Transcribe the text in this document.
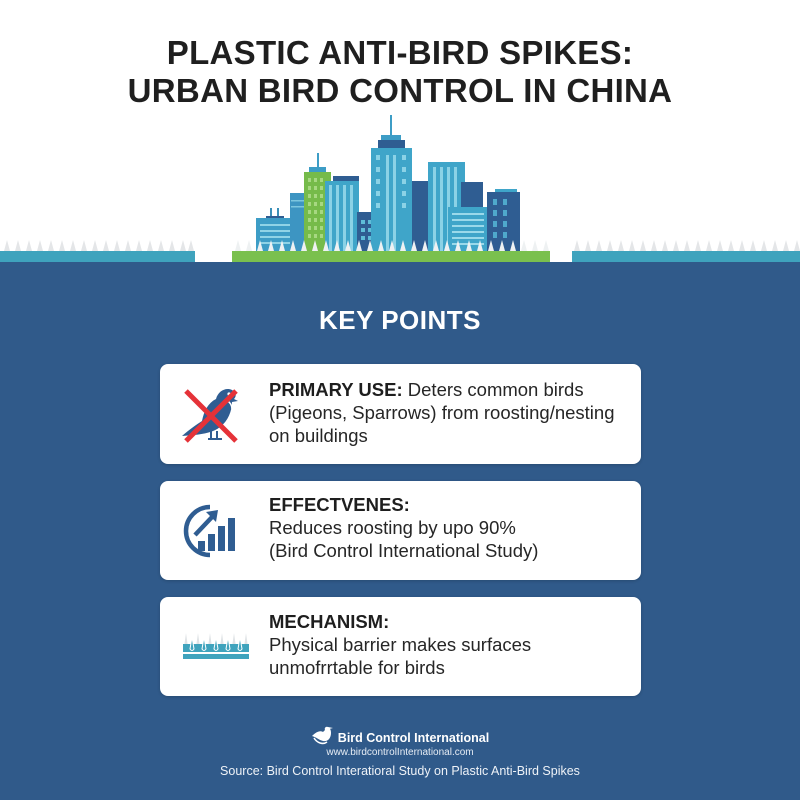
PLASTIC ANTI-BIRD SPIKES:
URBAN BIRD CONTROL IN CHINA
KEY POINTS
PRIMARY USE: Deters common birds (Pigeons, Sparrows) from roosting/nesting on buildings
EFFECTVENES:
Reduces roosting by upo 90%
(Bird Control International Study)
MECHANISM:
Physical barrier makes surfaces
unmofrrtable for birds
Bird Control International
www.birdcontrolInternational.com
Source: Bird Control Interatioral Study on Plastic Anti-Bird Spikes
